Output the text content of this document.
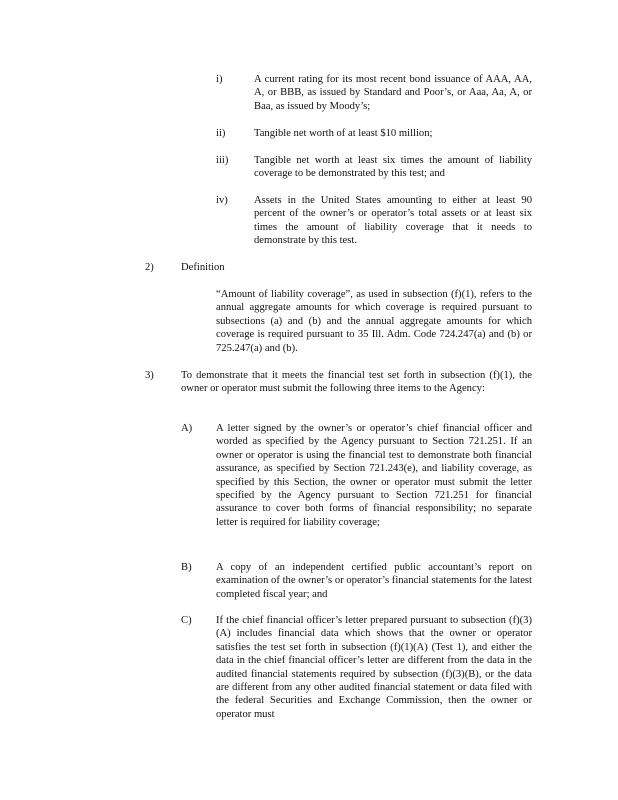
i)	A current rating for its most recent bond issuance of AAA, AA, A, or BBB, as issued by Standard and Poor’s, or Aaa, Aa, A, or Baa, as issued by Moody’s;
ii)	Tangible net worth of at least $10 million;
iii) Tangible net worth at least six times the amount of liability coverage to be demonstrated by this test; and
iv) Assets in the United States amounting to either at least 90 percent of the owner’s or operator’s total assets or at least six times the amount of liability coverage that it needs to demonstrate by this test.
2)	Definition
“Amount of liability coverage”, as used in subsection (f)(1), refers to the annual aggregate amounts for which coverage is required pursuant to subsections (a) and (b) and the annual aggregate amounts for which coverage is required pursuant to 35 Ill. Adm. Code 724.247(a) and (b) or 725.247(a) and (b).
3)	To demonstrate that it meets the financial test set forth in subsection (f)(1), the owner or operator must submit the following three items to the Agency:
A) A letter signed by the owner’s or operator’s chief financial officer and worded as specified by the Agency pursuant to Section 721.251. If an owner or operator is using the financial test to demonstrate both financial assurance, as specified by Section 721.243(e), and liability coverage, as specified by this Section, the owner or operator must submit the letter specified by the Agency pursuant to Section 721.251 for financial assurance to cover both forms of financial responsibility; no separate letter is required for liability coverage;
B) A copy of an independent certified public accountant’s report on examination of the owner’s or operator’s financial statements for the latest completed fiscal year; and
C) If the chief financial officer’s letter prepared pursuant to subsection (f)(3)(A) includes financial data which shows that the owner or operator satisfies the test set forth in subsection (f)(1)(A) (Test 1), and either the data in the chief financial officer’s letter are different from the data in the audited financial statements required by subsection (f)(3)(B), or the data are different from any other audited financial statement or data filed with the federal Securities and Exchange Commission, then the owner or operator must
